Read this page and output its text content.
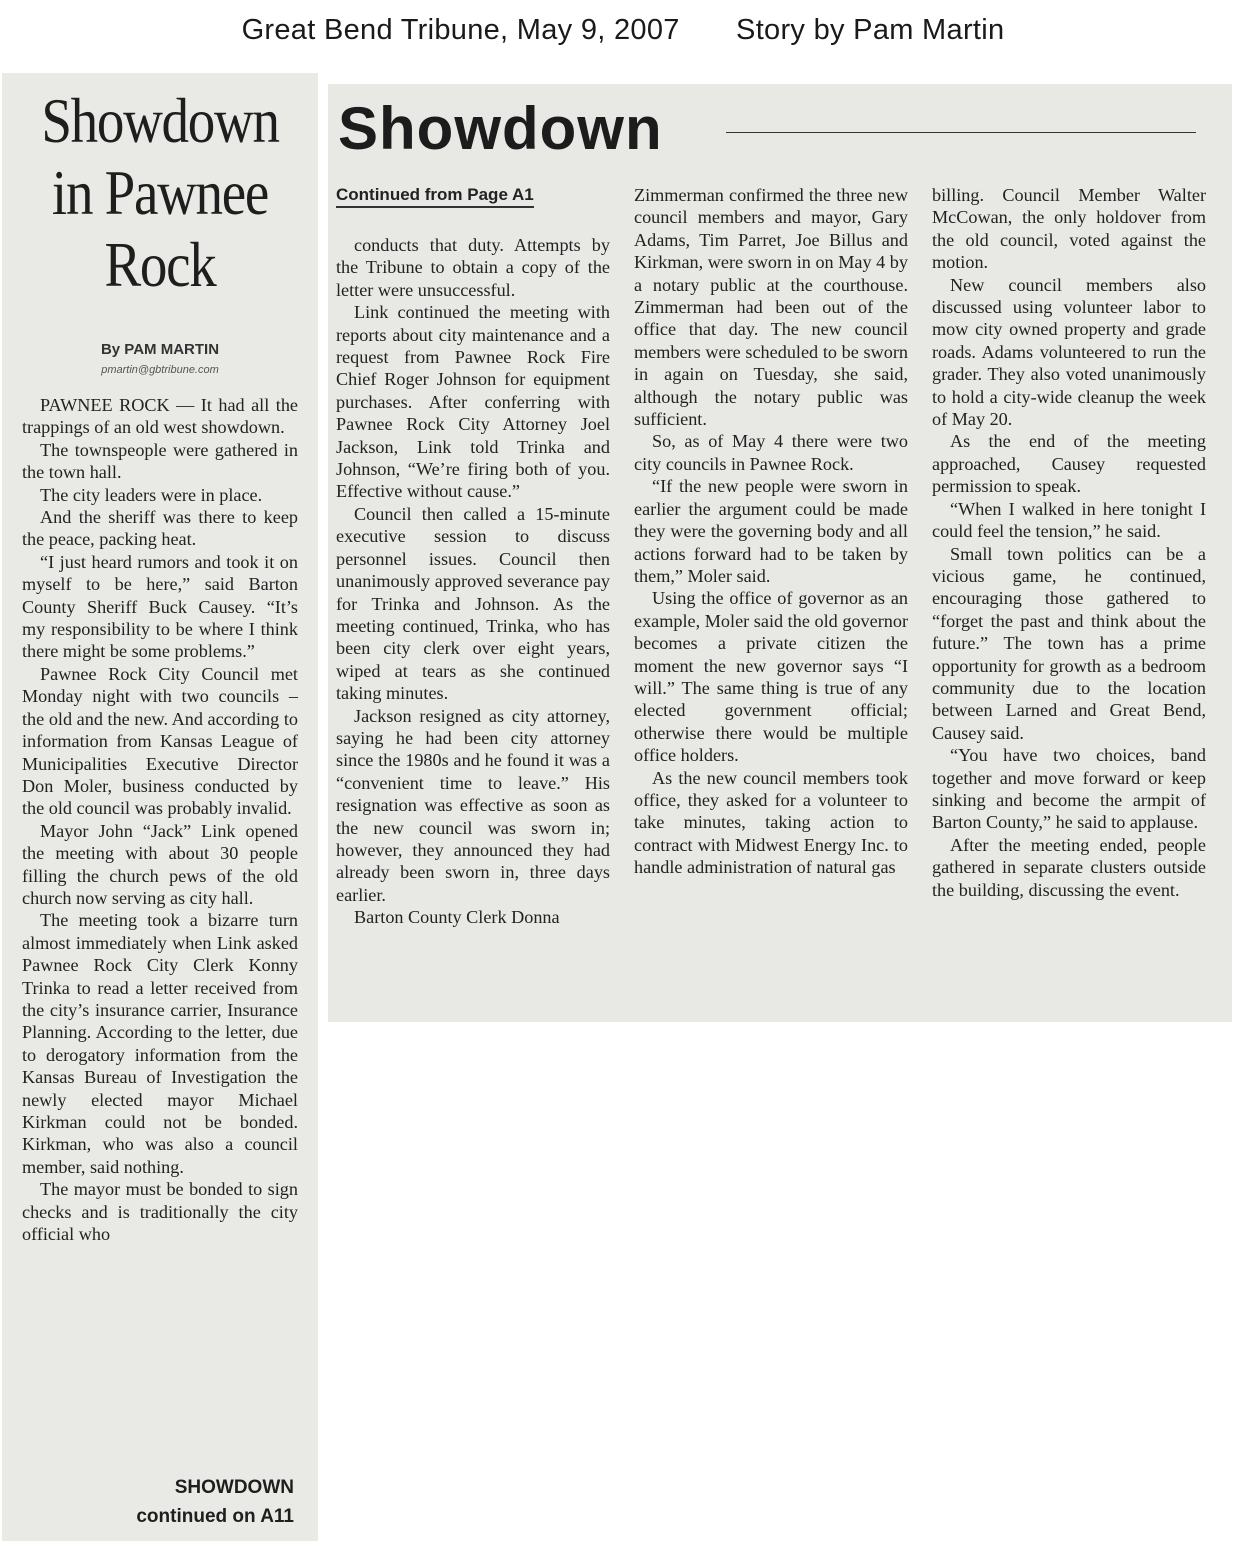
Great Bend Tribune, May 9, 2007 Story by Pam Martin
Showdown in Pawnee Rock
By PAM MARTIN
pmartin@gbtribune.com

PAWNEE ROCK — It had all the trappings of an old west showdown.

The townspeople were gathered in the town hall.

The city leaders were in place.

And the sheriff was there to keep the peace, packing heat.

“I just heard rumors and took it on myself to be here,” said Barton County Sheriff Buck Causey. “It’s my responsibility to be where I think there might be some problems.”

Pawnee Rock City Council met Monday night with two councils – the old and the new. And according to information from Kansas League of Municipalities Executive Director Don Moler, business conducted by the old council was probably invalid.

Mayor John “Jack” Link opened the meeting with about 30 people filling the church pews of the old church now serving as city hall.

The meeting took a bizarre turn almost immediately when Link asked Pawnee Rock City Clerk Konny Trinka to read a letter received from the city’s insurance carrier, Insurance Planning. According to the letter, due to derogatory information from the Kansas Bureau of Investigation the newly elected mayor Michael Kirkman could not be bonded. Kirkman, who was also a council member, said nothing.

The mayor must be bonded to sign checks and is traditionally the city official who

SHOWDOWN
continued on A11
Showdown
Continued from Page A1

conducts that duty. Attempts by the Tribune to obtain a copy of the letter were unsuccessful.

Link continued the meeting with reports about city maintenance and a request from Pawnee Rock Fire Chief Roger Johnson for equipment purchases. After conferring with Pawnee Rock City Attorney Joel Jackson, Link told Trinka and Johnson, “We’re firing both of you. Effective without cause.”

Council then called a 15-minute executive session to discuss personnel issues. Council then unanimously approved severance pay for Trinka and Johnson. As the meeting continued, Trinka, who has been city clerk over eight years, wiped at tears as she continued taking minutes.

Jackson resigned as city attorney, saying he had been city attorney since the 1980s and he found it was a “convenient time to leave.” His resignation was effective as soon as the new council was sworn in; however, they announced they had already been sworn in, three days earlier.

Barton County Clerk Donna

Zimmerman confirmed the three new council members and mayor, Gary Adams, Tim Parret, Joe Billus and Kirkman, were sworn in on May 4 by a notary public at the courthouse. Zimmerman had been out of the office that day. The new council members were scheduled to be sworn in again on Tuesday, she said, although the notary public was sufficient.

So, as of May 4 there were two city councils in Pawnee Rock.

“If the new people were sworn in earlier the argument could be made they were the governing body and all actions forward had to be taken by them,” Moler said.

Using the office of governor as an example, Moler said the old governor becomes a private citizen the moment the new governor says “I will.” The same thing is true of any elected government official; otherwise there would be multiple office holders.

As the new council members took office, they asked for a volunteer to take minutes, taking action to contract with Midwest Energy Inc. to handle administration of natural gas

billing. Council Member Walter McCowan, the only holdover from the old council, voted against the motion.

New council members also discussed using volunteer labor to mow city owned property and grade roads. Adams volunteered to run the grader. They also voted unanimously to hold a city-wide cleanup the week of May 20.

As the end of the meeting approached, Causey requested permission to speak.

“When I walked in here tonight I could feel the tension,” he said.

Small town politics can be a vicious game, he continued, encouraging those gathered to “forget the past and think about the future.” The town has a prime opportunity for growth as a bedroom community due to the location between Larned and Great Bend, Causey said.

“You have two choices, band together and move forward or keep sinking and become the armpit of Barton County,” he said to applause.

After the meeting ended, people gathered in separate clusters outside the building, discussing the event.
